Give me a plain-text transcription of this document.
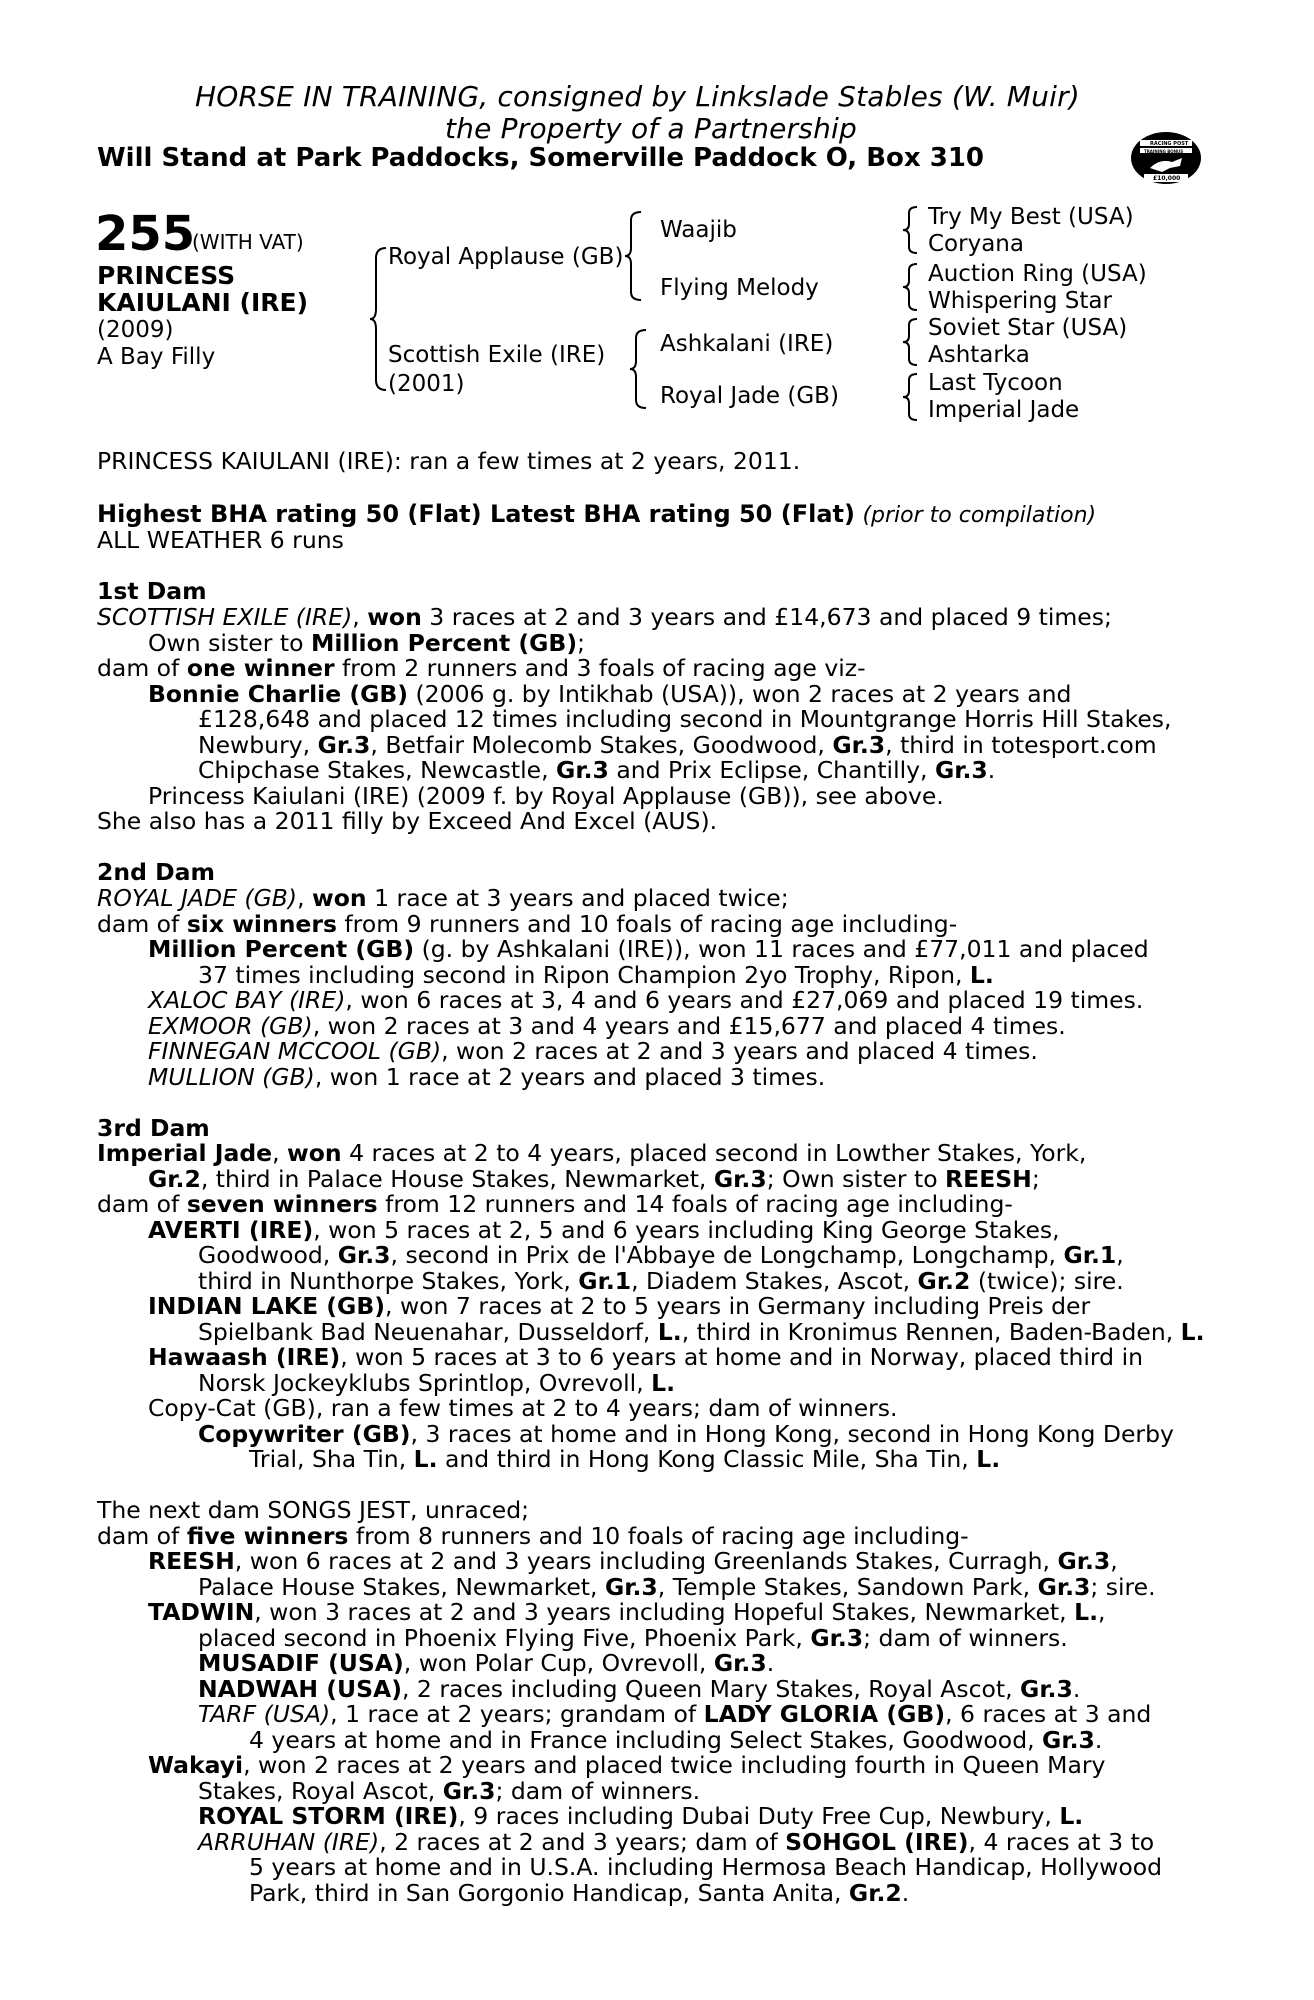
HORSE IN TRAINING, consigned by Linkslade Stables (W. Muir)
the Property of a Partnership
Will Stand at Park Paddocks, Somerville Paddock O, Box 310	RACING POST
TRAINING BONUS
£10,000
255
(WITH VAT)
PRINCESS
KAIULANI (IRE)
(2009)
A Bay Filly
Royal Applause (GB)
Scottish Exile (IRE)
(2001)
Waajib
Flying Melody
Ashkalani (IRE)
Royal Jade (GB)
Try My Best (USA)
Coryana
Auction Ring (USA)
Whispering Star
Soviet Star (USA)
Ashtarka
Last Tycoon
Imperial Jade
PRINCESS KAIULANI (IRE): ran a few times at 2 years, 2011.
Highest BHA rating 50 (Flat) Latest BHA rating 50 (Flat) (prior to compilation)
ALL WEATHER 6 runs
1st Dam
SCOTTISH EXILE (IRE), won 3 races at 2 and 3 years and £14,673 and placed 9 times;
Own sister to Million Percent (GB);
dam of one winner from 2 runners and 3 foals of racing age viz-
Bonnie Charlie (GB) (2006 g. by Intikhab (USA)), won 2 races at 2 years and
£128,648 and placed 12 times including second in Mountgrange Horris Hill Stakes,
Newbury, Gr.3, Betfair Molecomb Stakes, Goodwood, Gr.3, third in totesport.com
Chipchase Stakes, Newcastle, Gr.3 and Prix Eclipse, Chantilly, Gr.3.
Princess Kaiulani (IRE) (2009 f. by Royal Applause (GB)), see above.
She also has a 2011 filly by Exceed And Excel (AUS).
2nd Dam
ROYAL JADE (GB), won 1 race at 3 years and placed twice;
dam of six winners from 9 runners and 10 foals of racing age including-
Million Percent (GB) (g. by Ashkalani (IRE)), won 11 races and £77,011 and placed
37 times including second in Ripon Champion 2yo Trophy, Ripon, L.
XALOC BAY (IRE), won 6 races at 3, 4 and 6 years and £27,069 and placed 19 times.
EXMOOR (GB), won 2 races at 3 and 4 years and £15,677 and placed 4 times.
FINNEGAN MCCOOL (GB), won 2 races at 2 and 3 years and placed 4 times.
MULLION (GB), won 1 race at 2 years and placed 3 times.
3rd Dam
Imperial Jade, won 4 races at 2 to 4 years, placed second in Lowther Stakes, York,
Gr.2, third in Palace House Stakes, Newmarket, Gr.3; Own sister to REESH;
dam of seven winners from 12 runners and 14 foals of racing age including-
AVERTI (IRE), won 5 races at 2, 5 and 6 years including King George Stakes,
Goodwood, Gr.3, second in Prix de l'Abbaye de Longchamp, Longchamp, Gr.1,
third in Nunthorpe Stakes, York, Gr.1, Diadem Stakes, Ascot, Gr.2 (twice); sire.
INDIAN LAKE (GB), won 7 races at 2 to 5 years in Germany including Preis der
Spielbank Bad Neuenahar, Dusseldorf, L., third in Kronimus Rennen, Baden-Baden, L.
Hawaash (IRE), won 5 races at 3 to 6 years at home and in Norway, placed third in
Norsk Jockeyklubs Sprintlop, Ovrevoll, L.
Copy-Cat (GB), ran a few times at 2 to 4 years; dam of winners.
Copywriter (GB), 3 races at home and in Hong Kong, second in Hong Kong Derby
Trial, Sha Tin, L. and third in Hong Kong Classic Mile, Sha Tin, L.
The next dam SONGS JEST, unraced;
dam of five winners from 8 runners and 10 foals of racing age including-
REESH, won 6 races at 2 and 3 years including Greenlands Stakes, Curragh, Gr.3,
Palace House Stakes, Newmarket, Gr.3, Temple Stakes, Sandown Park, Gr.3; sire.
TADWIN, won 3 races at 2 and 3 years including Hopeful Stakes, Newmarket, L.,
placed second in Phoenix Flying Five, Phoenix Park, Gr.3; dam of winners.
MUSADIF (USA), won Polar Cup, Ovrevoll, Gr.3.
NADWAH (USA), 2 races including Queen Mary Stakes, Royal Ascot, Gr.3.
TARF (USA), 1 race at 2 years; grandam of LADY GLORIA (GB), 6 races at 3 and
4 years at home and in France including Select Stakes, Goodwood, Gr.3.
Wakayi, won 2 races at 2 years and placed twice including fourth in Queen Mary
Stakes, Royal Ascot, Gr.3; dam of winners.
ROYAL STORM (IRE), 9 races including Dubai Duty Free Cup, Newbury, L.
ARRUHAN (IRE), 2 races at 2 and 3 years; dam of SOHGOL (IRE), 4 races at 3 to
5 years at home and in U.S.A. including Hermosa Beach Handicap, Hollywood
Park, third in San Gorgonio Handicap, Santa Anita, Gr.2.
